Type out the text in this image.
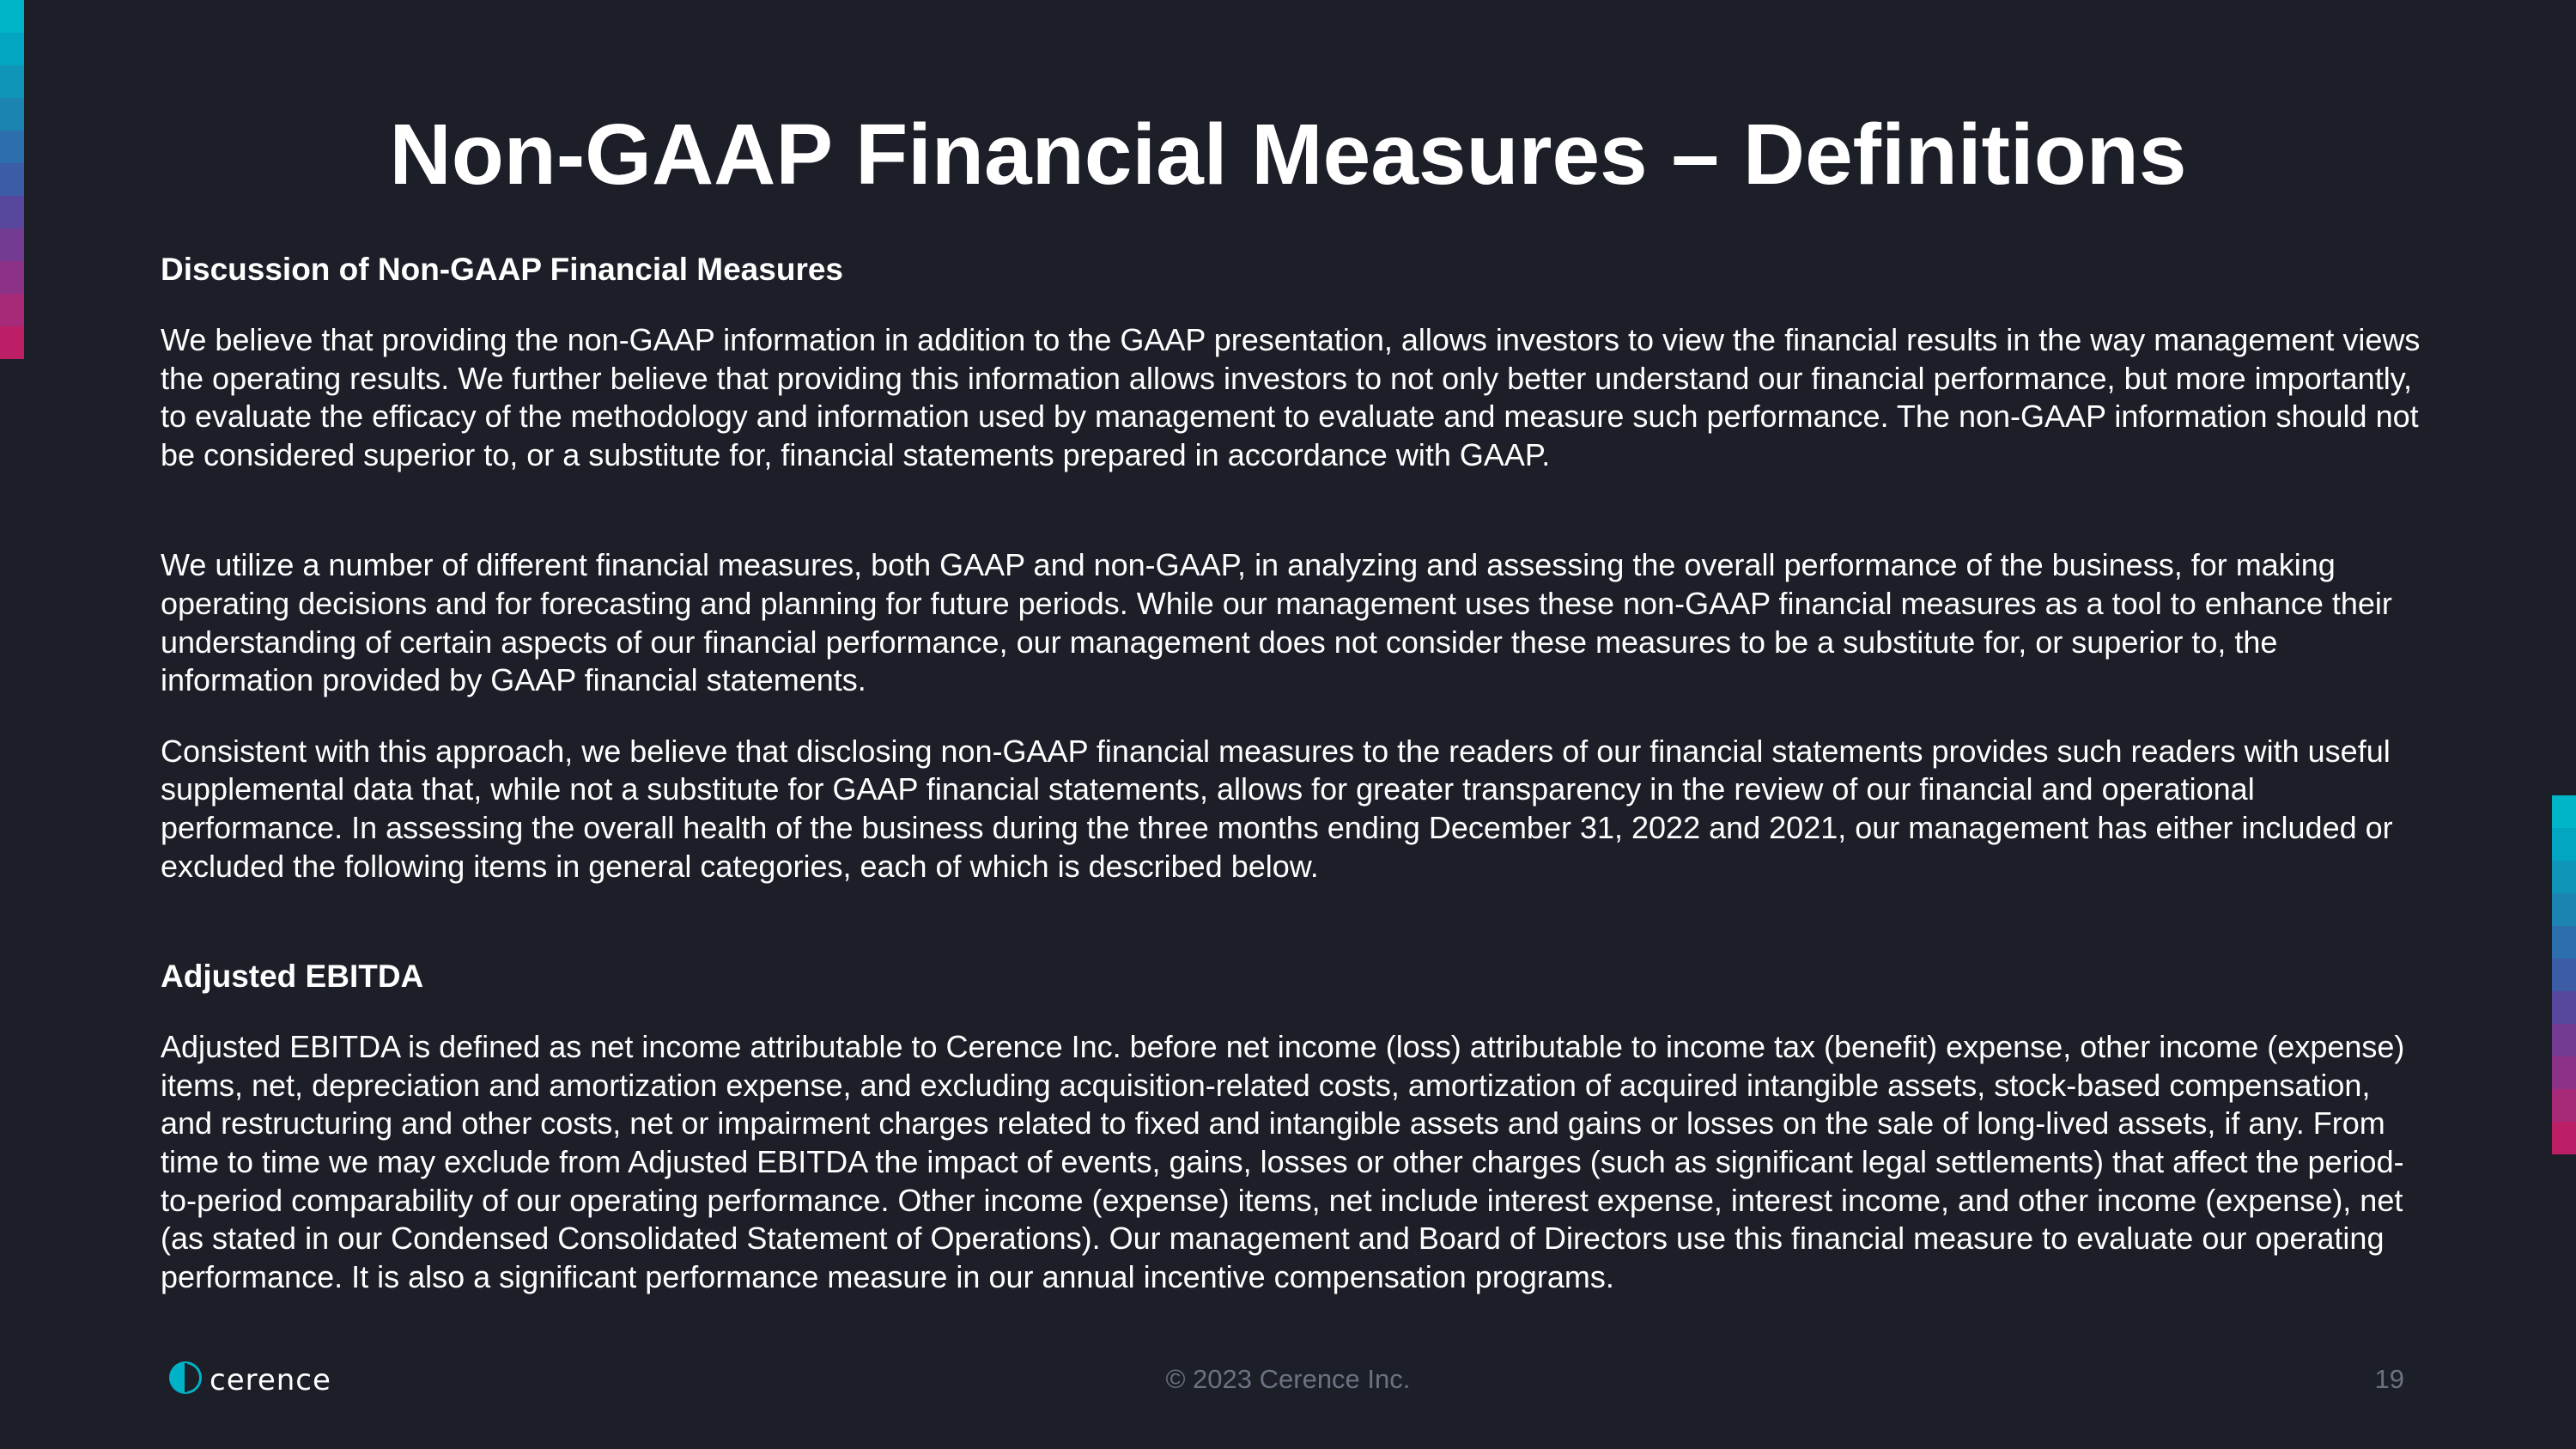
Non-GAAP Financial Measures – Definitions

Discussion of Non-GAAP Financial Measures

We believe that providing the non-GAAP information in addition to the GAAP presentation, allows investors to view the financial results in the way management views the operating results. We further believe that providing this information allows investors to not only better understand our financial performance, but more importantly, to evaluate the efficacy of the methodology and information used by management to evaluate and measure such performance. The non-GAAP information should not be considered superior to, or a substitute for, financial statements prepared in accordance with GAAP.

We utilize a number of different financial measures, both GAAP and non-GAAP, in analyzing and assessing the overall performance of the business, for making operating decisions and for forecasting and planning for future periods. While our management uses these non-GAAP financial measures as a tool to enhance their understanding of certain aspects of our financial performance, our management does not consider these measures to be a substitute for, or superior to, the information provided by GAAP financial statements.

Consistent with this approach, we believe that disclosing non-GAAP financial measures to the readers of our financial statements provides such readers with useful supplemental data that, while not a substitute for GAAP financial statements, allows for greater transparency in the review of our financial and operational performance. In assessing the overall health of the business during the three months ending December 31, 2022 and 2021, our management has either included or excluded the following items in general categories, each of which is described below.

Adjusted EBITDA

Adjusted EBITDA is defined as net income attributable to Cerence Inc. before net income (loss) attributable to income tax (benefit) expense, other income (expense) items, net, depreciation and amortization expense, and excluding acquisition-related costs, amortization of acquired intangible assets, stock-based compensation, and restructuring and other costs, net or impairment charges related to fixed and intangible assets and gains or losses on the sale of long-lived assets, if any. From time to time we may exclude from Adjusted EBITDA the impact of events, gains, losses or other charges (such as significant legal settlements) that affect the period-to-period comparability of our operating performance. Other income (expense) items, net include interest expense, interest income, and other income (expense), net (as stated in our Condensed Consolidated Statement of Operations). Our management and Board of Directors use this financial measure to evaluate our operating performance. It is also a significant performance measure in our annual incentive compensation programs.

cerence	© 2023 Cerence Inc.	19
